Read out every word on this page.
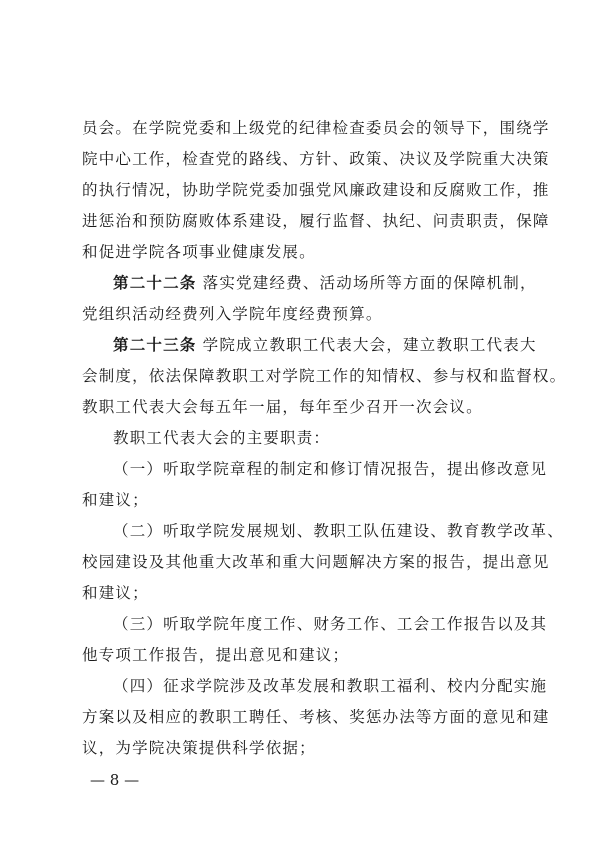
员会。在学院党委和上级党的纪律检查委员会的领导下，围绕学
院中心工作，检查党的路线、方针、政策、决议及学院重大决策
的执行情况，协助学院党委加强党风廉政建设和反腐败工作，推
进惩治和预防腐败体系建设，履行监督、执纪、问责职责，保障
和促进学院各项事业健康发展。
第二十二条 落实党建经费、活动场所等方面的保障机制，
党组织活动经费列入学院年度经费预算。
第二十三条 学院成立教职工代表大会，建立教职工代表大
会制度，依法保障教职工对学院工作的知情权、参与权和监督权。
教职工代表大会每五年一届，每年至少召开一次会议。
教职工代表大会的主要职责：
（一）听取学院章程的制定和修订情况报告，提出修改意见
和建议；
（二）听取学院发展规划、教职工队伍建设、教育教学改革、
校园建设及其他重大改革和重大问题解决方案的报告，提出意见
和建议；
（三）听取学院年度工作、财务工作、工会工作报告以及其
他专项工作报告，提出意见和建议；
（四）征求学院涉及改革发展和教职工福利、校内分配实施
方案以及相应的教职工聘任、考核、奖惩办法等方面的意见和建
议，为学院决策提供科学依据；
— 8 —
